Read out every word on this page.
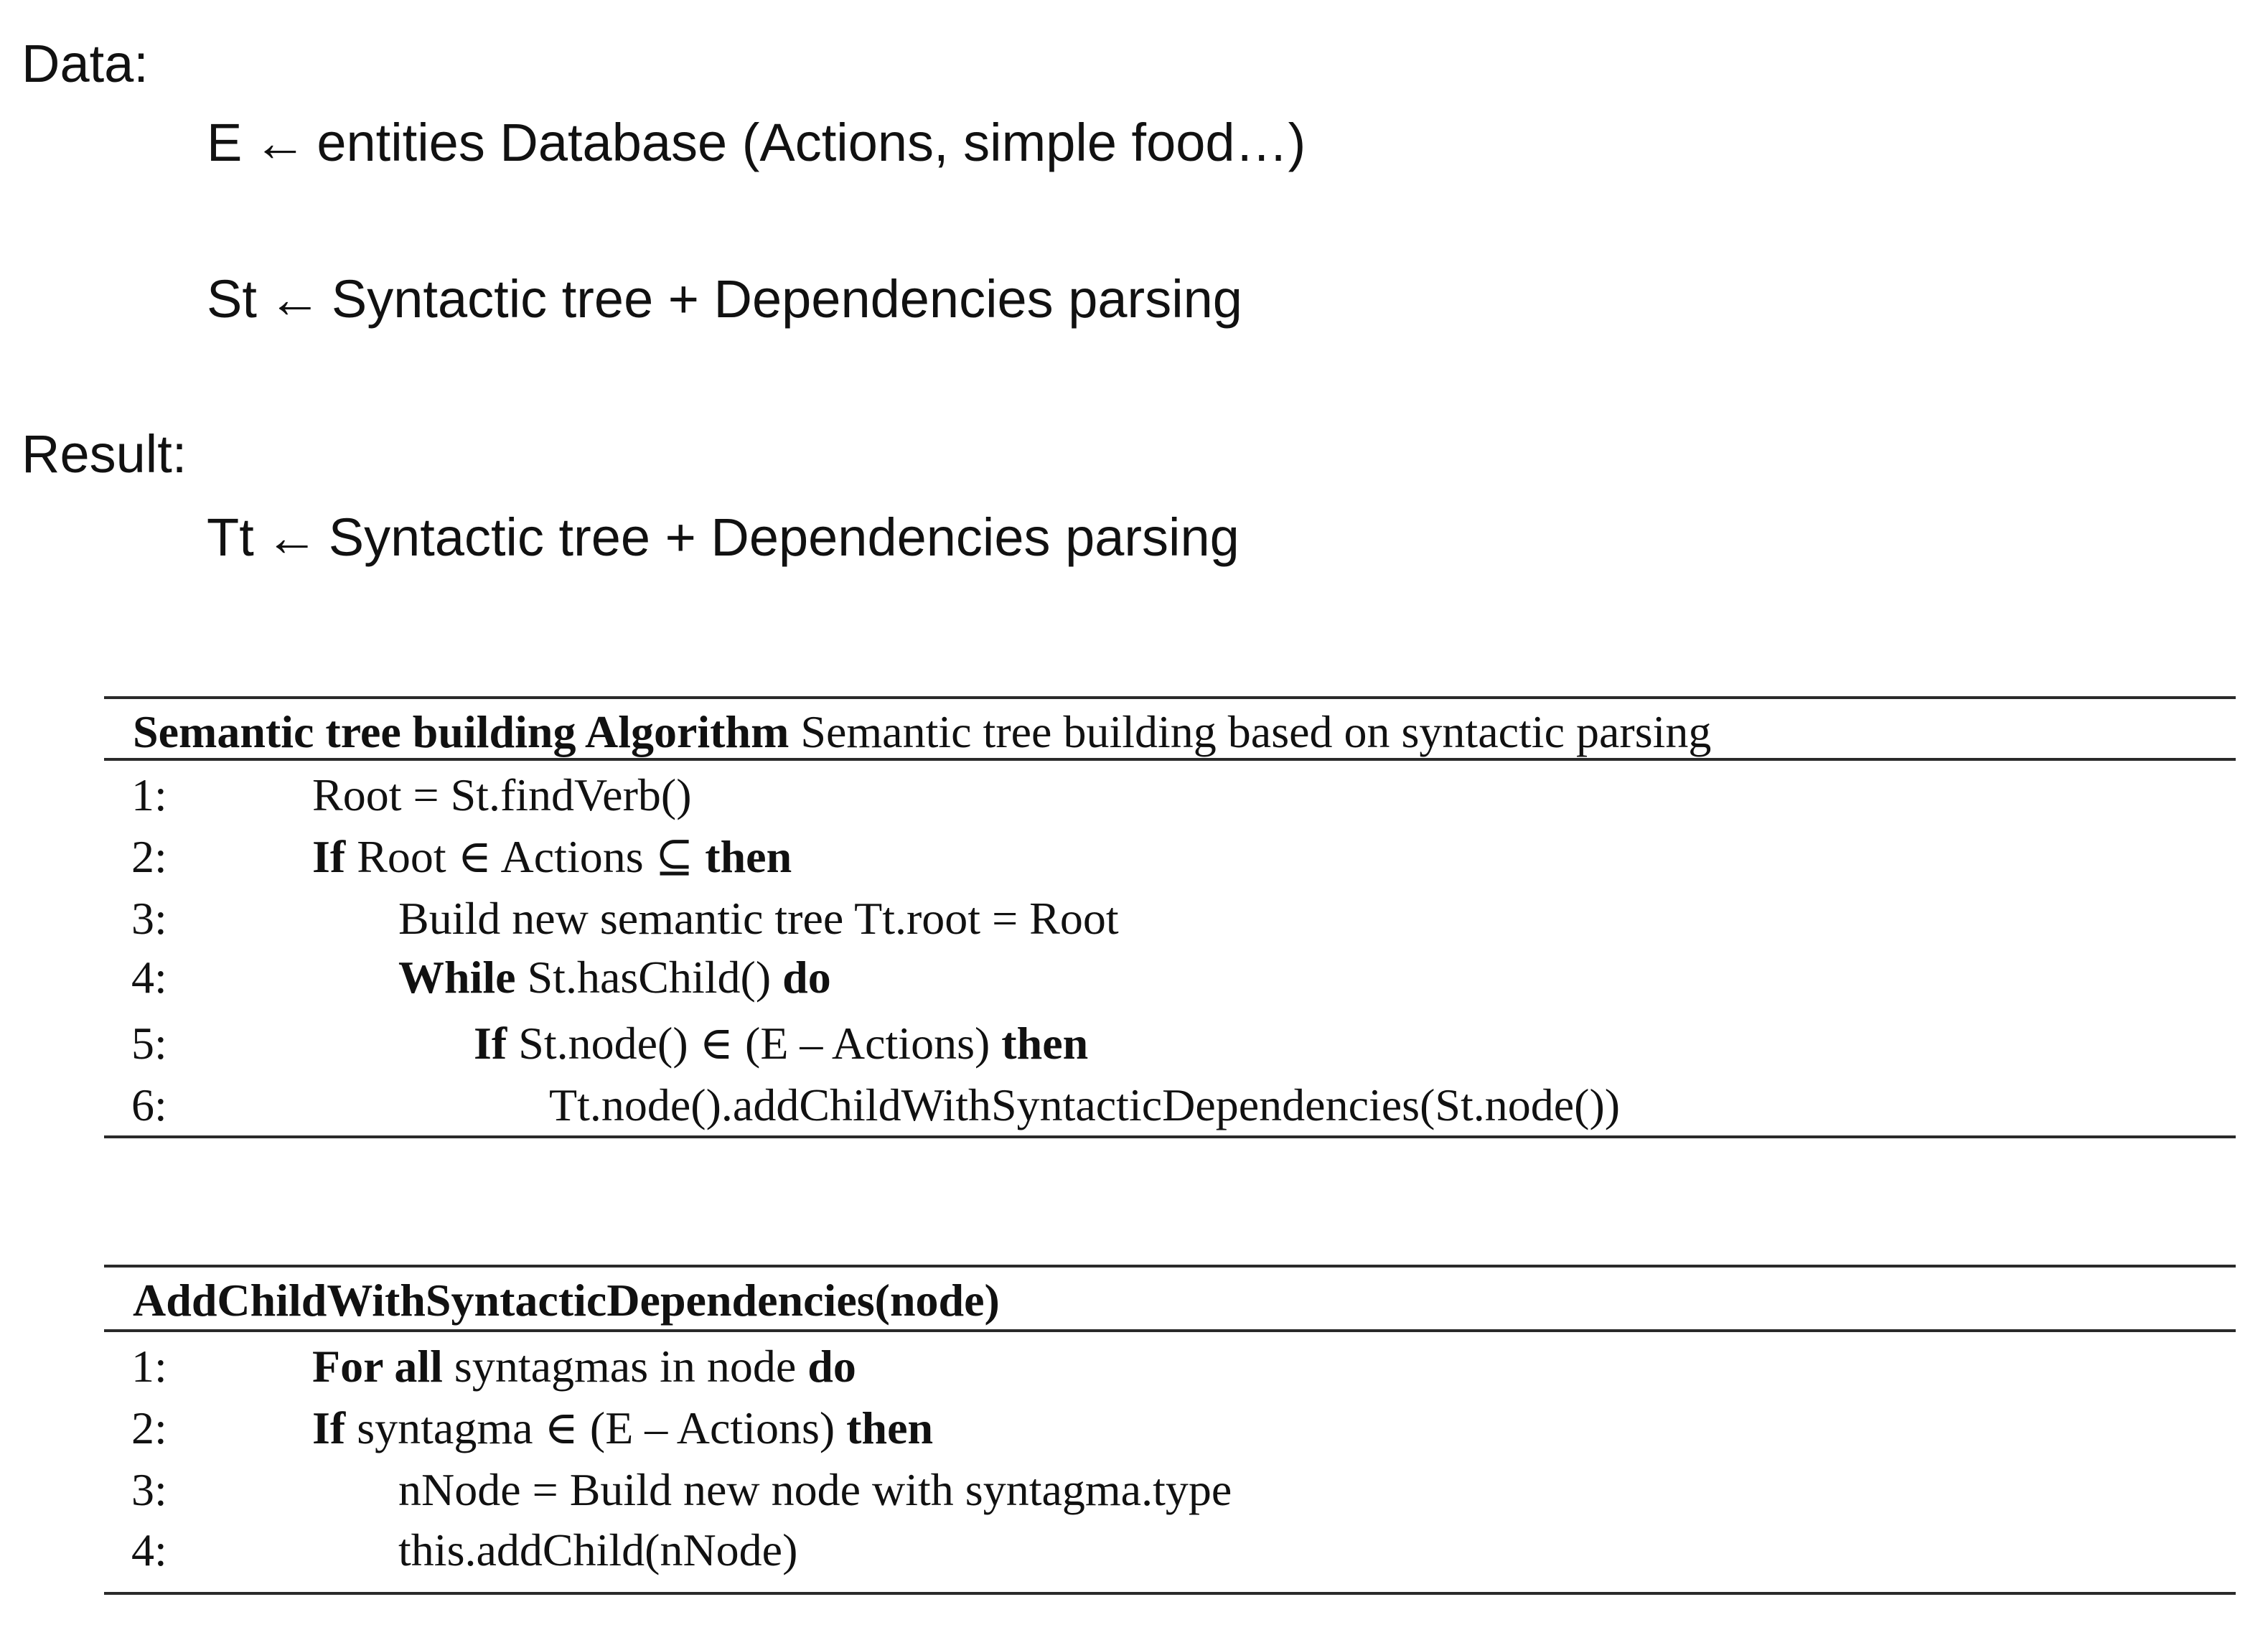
Data:
E ← entities Database (Actions, simple food…)
St ← Syntactic tree + Dependencies parsing
Result:
Tt ← Syntactic tree + Dependencies parsing
Semantic tree building Algorithm Semantic tree building based on syntactic parsing
1:	Root = St.findVerb()
2:	If Root ∈ Actions ⊆ then
3:	Build new semantic tree Tt.root = Root
4:	While St.hasChild() do
5:	If St.node() ∈ (E – Actions) then
6:	Tt.node().addChildWithSyntacticDependencies(St.node())
AddChildWithSyntacticDependencies(node)
1:	For all syntagmas in node do
2:	If syntagma ∈ (E – Actions) then
3:	nNode = Build new node with syntagma.type
4:	this.addChild(nNode)
